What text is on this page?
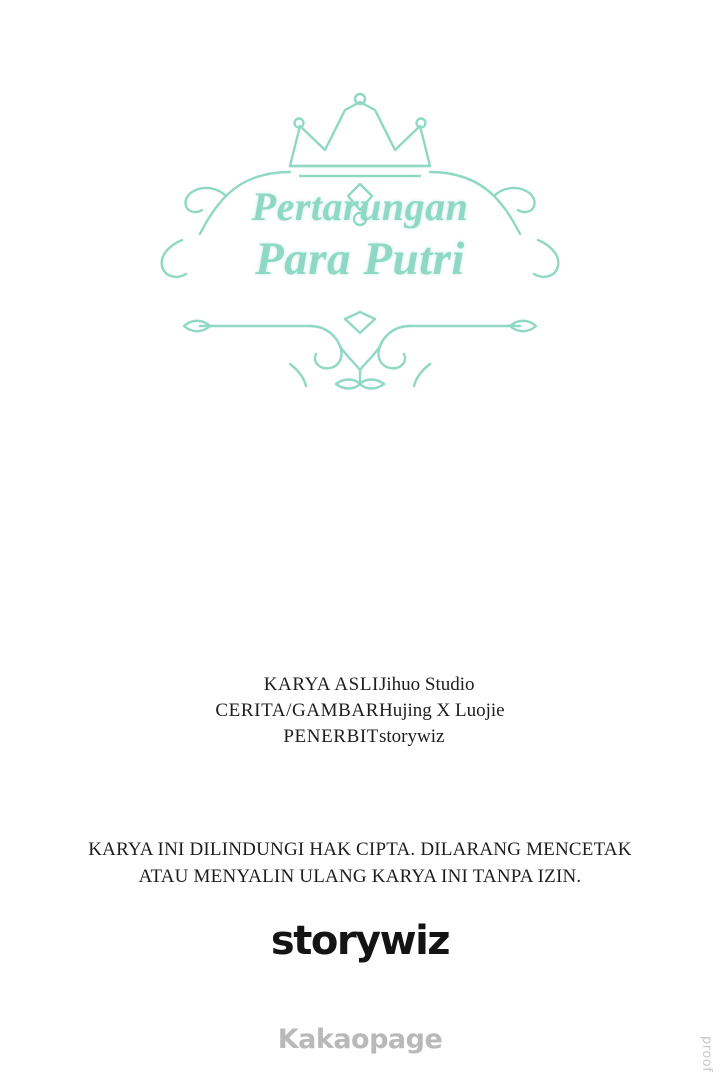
Pertarungan
Para Putri
KARYA ASLI	Jihuo Studio
CERITA/GAMBAR	Hujing X Luojie
PENERBIT	storywiz
KARYA INI DILINDUNGI HAK CIPTA. DILARANG MENCETAK
ATAU MENYALIN ULANG KARYA INI TANPA IZIN.
storywiz
Kakaopage	proof
